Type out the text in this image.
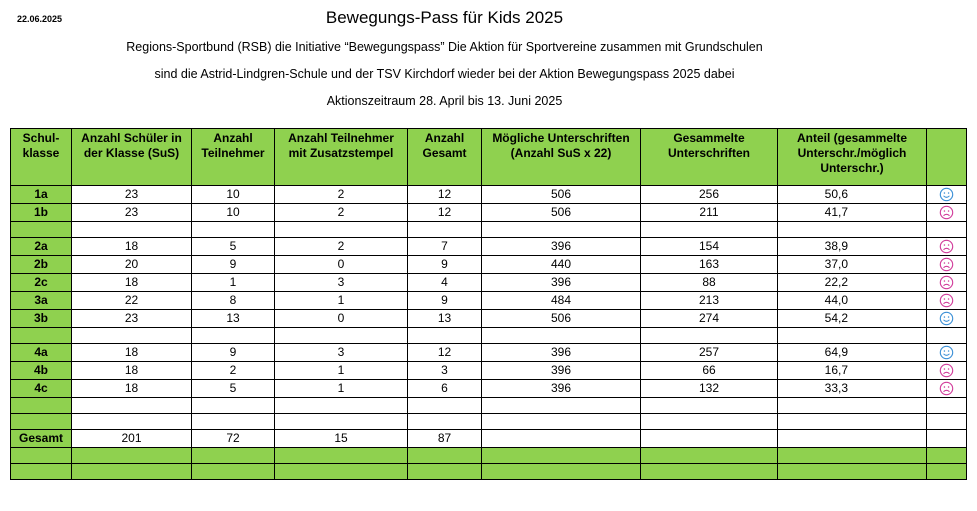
22.06.2025	Bewegungs-Pass für Kids 2025
Regions-Sportbund (RSB) die Initiative “Bewegungspass” Die Aktion für Sportvereine zusammen mit Grundschulen
sind die Astrid-Lindgren-Schule und der TSV Kirchdorf wieder bei der Aktion Bewegungspass 2025 dabei
Aktionszeitraum 28. April bis 13. Juni 2025
Schul-klasse	Anzahl Schüler in der Klasse (SuS)	Anzahl Teilnehmer	Anzahl Teilnehmer mit Zusatzstempel	Anzahl Gesamt	Mögliche Unterschriften (Anzahl SuS x 22)	Gesammelte Unterschriften	Anteil (gesammelte Unterschr./möglich Unterschr.)	
1a	23	10	2	12	506	256	50,6	
1b	23	10	2	12	506	211	41,7	

2a	18	5	2	7	396	154	38,9	
2b	20	9	0	9	440	163	37,0	
2c	18	1	3	4	396	88	22,2	
3a	22	8	1	9	484	213	44,0	
3b	23	13	0	13	506	274	54,2	

4a	18	9	3	12	396	257	64,9	
4b	18	2	1	3	396	66	16,7	
4c	18	5	1	6	396	132	33,3	

Gesamt	201	72	15	87				
